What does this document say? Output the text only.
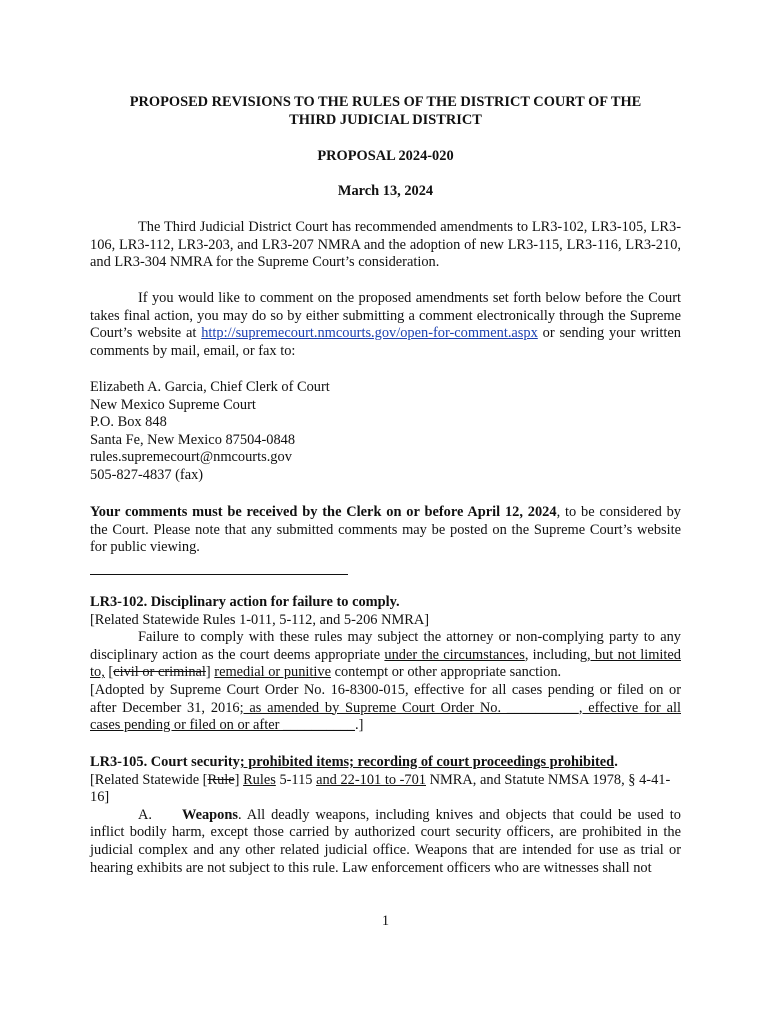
PROPOSED REVISIONS TO THE RULES OF THE DISTRICT COURT OF THE
THIRD JUDICIAL DISTRICT
PROPOSAL 2024-020
March 13, 2024
The Third Judicial District Court has recommended amendments to LR3-102, LR3-105, LR3-106, LR3-112, LR3-203, and LR3-207 NMRA and the adoption of new LR3-115, LR3-116, LR3-210, and LR3-304 NMRA for the Supreme Court’s consideration.
If you would like to comment on the proposed amendments set forth below before the Court takes final action, you may do so by either submitting a comment electronically through the Supreme Court’s website at http://supremecourt.nmcourts.gov/open-for-comment.aspx or sending your written comments by mail, email, or fax to:
Elizabeth A. Garcia, Chief Clerk of Court
New Mexico Supreme Court
P.O. Box 848
Santa Fe, New Mexico 87504-0848
rules.supremecourt@nmcourts.gov
505-827-4837 (fax)
Your comments must be received by the Clerk on or before April 12, 2024, to be considered by the Court. Please note that any submitted comments may be posted on the Supreme Court’s website for public viewing.
LR3-102. Disciplinary action for failure to comply.
[Related Statewide Rules 1-011, 5-112, and 5-206 NMRA]
Failure to comply with these rules may subject the attorney or non-complying party to any disciplinary action as the court deems appropriate under the circumstances, including, but not limited to, [civil or criminal] remedial or punitive contempt or other appropriate sanction.
[Adopted by Supreme Court Order No. 16-8300-015, effective for all cases pending or filed on or after December 31, 2016; as amended by Supreme Court Order No. __________, effective for all cases pending or filed on or after __________.]
LR3-105. Court security; prohibited items; recording of court proceedings prohibited.
[Related Statewide [Rule] Rules 5-115 and 22-101 to -701 NMRA, and Statute NMSA 1978, § 4-41-16]
A. Weapons. All deadly weapons, including knives and objects that could be used to inflict bodily harm, except those carried by authorized court security officers, are prohibited in the judicial complex and any other related judicial office. Weapons that are intended for use as trial or hearing exhibits are not subject to this rule. Law enforcement officers who are witnesses shall not
1
